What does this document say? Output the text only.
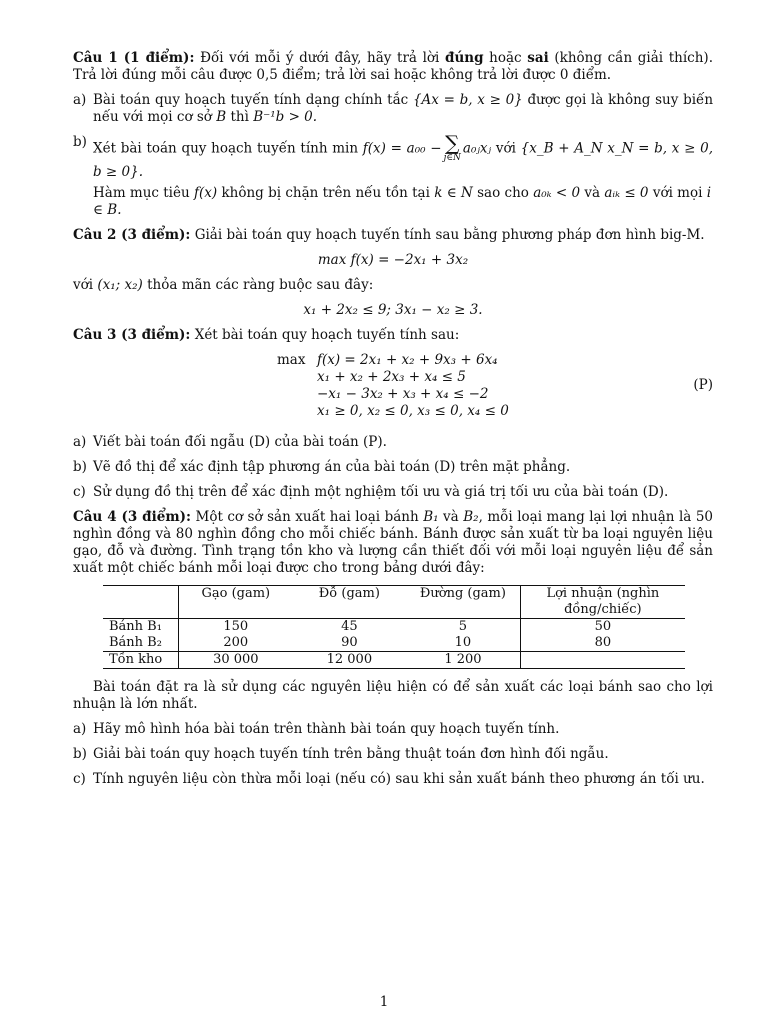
Câu 1 (1 điểm): Đối với mỗi ý dưới đây, hãy trả lời đúng hoặc sai (không cần giải thích). Trả lời đúng mỗi câu được 0,5 điểm; trả lời sai hoặc không trả lời được 0 điểm.

a) Bài toán quy hoạch tuyến tính dạng chính tắc {Ax = b, x ≥ 0} được gọi là không suy biến nếu với mọi cơ sở B thì B⁻¹b > 0.
b) Xét bài toán quy hoạch tuyến tính min f(x) = a₀₀ − ∑
j∈N
a₀ⱼxⱼ với {x_B + A_N x_N = b, x ≥ 0, b ≥ 0}.

Hàm mục tiêu f(x) không bị chặn trên nếu tồn tại k ∈ N sao cho a₀ₖ < 0 và aᵢₖ ≤ 0 với mọi i ∈ B.

Câu 2 (3 điểm): Giải bài toán quy hoạch tuyến tính sau bằng phương pháp đơn hình big-M.

max f(x) = −2x₁ + 3x₂

với (x₁; x₂) thỏa mãn các ràng buộc sau đây:

x₁ + 2x₂ ≤ 9; 3x₁ − x₂ ≥ 3.

Câu 3 (3 điểm): Xét bài toán quy hoạch tuyến tính sau:

max f(x) = 2x₁ + x₂ + 9x₃ + 6x₄
x₁ + x₂ + 2x₃ + x₄ ≤ 5
−x₁ − 3x₂ + x₃ + x₄ ≤ −2
x₁ ≥ 0, x₂ ≤ 0, x₃ ≤ 0, x₄ ≤ 0
(P)
a) Viết bài toán đối ngẫu (D) của bài toán (P).
b) Vẽ đồ thị để xác định tập phương án của bài toán (D) trên mặt phẳng.
c) Sử dụng đồ thị trên để xác định một nghiệm tối ưu và giá trị tối ưu của bài toán (D).

Câu 4 (3 điểm): Một cơ sở sản xuất hai loại bánh B₁ và B₂, mỗi loại mang lại lợi nhuận là 50 nghìn đồng và 80 nghìn đồng cho mỗi chiếc bánh. Bánh được sản xuất từ ba loại nguyên liệu gạo, đỗ và đường. Tình trạng tồn kho và lượng cần thiết đối với mỗi loại nguyên liệu để sản xuất một chiếc bánh mỗi loại được cho trong bảng dưới đây:

	Gạo (gam)	Đỗ (gam)	Đường (gam)	Lợi nhuận (nghìn đồng/chiếc)
Bánh B₁	150	45	5	50
Bánh B₂	200	90	10	80
Tồn kho	30 000	12 000	1 200	

Bài toán đặt ra là sử dụng các nguyên liệu hiện có để sản xuất các loại bánh sao cho lợi nhuận là lớn nhất.

a) Hãy mô hình hóa bài toán trên thành bài toán quy hoạch tuyến tính.
b) Giải bài toán quy hoạch tuyến tính trên bằng thuật toán đơn hình đối ngẫu.
c) Tính nguyên liệu còn thừa mỗi loại (nếu có) sau khi sản xuất bánh theo phương án tối ưu.
1
